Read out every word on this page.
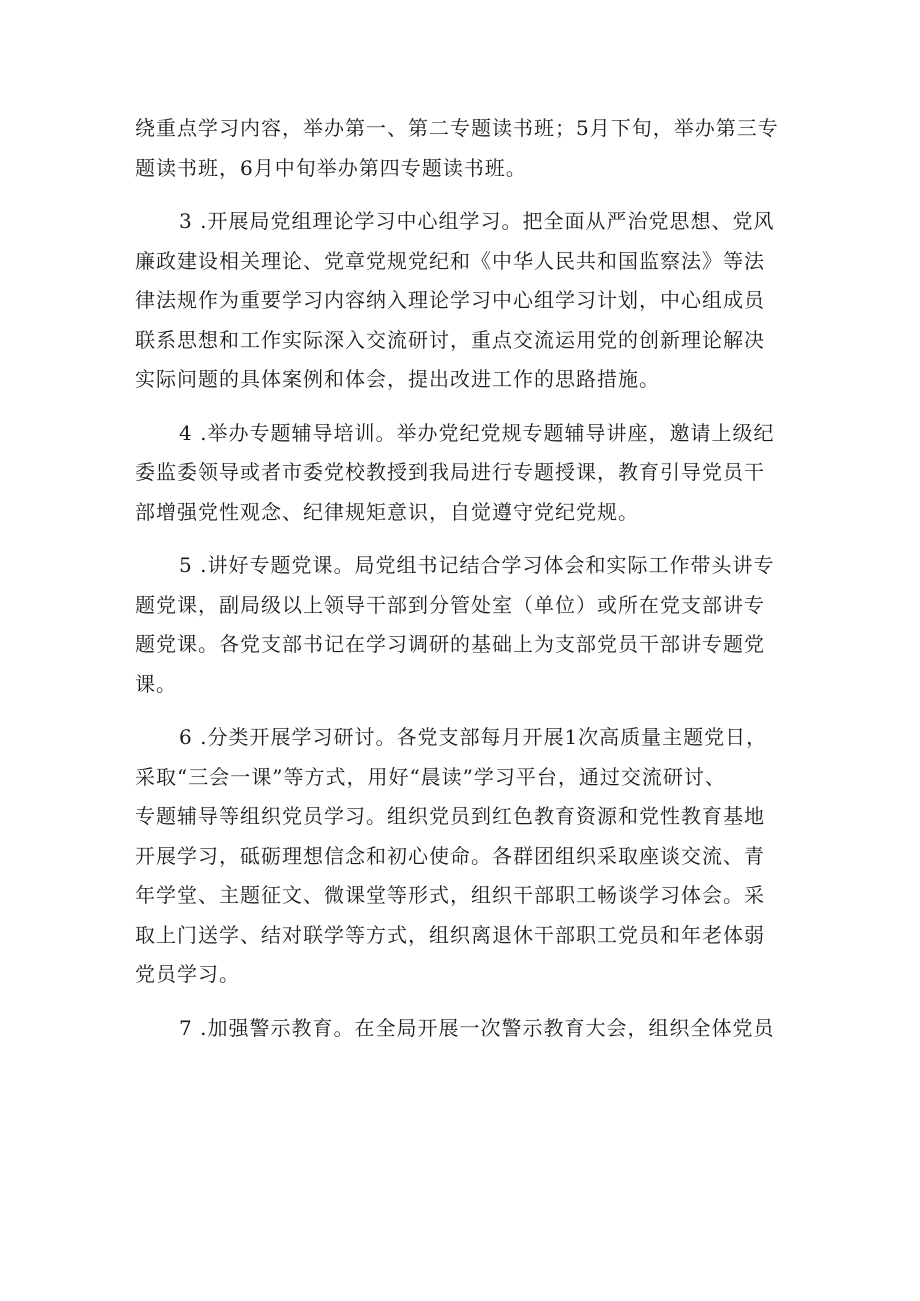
绕重点学习内容，举办第一、第二专题读书班；5月下旬，举办第三专
题读书班，6月中旬举办第四专题读书班。
3 .开展局党组理论学习中心组学习。把全面从严治党思想、党风
廉政建设相关理论、党章党规党纪和《中华人民共和国监察法》等法
律法规作为重要学习内容纳入理论学习中心组学习计划，中心组成员
联系思想和工作实际深入交流研讨，重点交流运用党的创新理论解决
实际问题的具体案例和体会，提出改进工作的思路措施。
4 .举办专题辅导培训。举办党纪党规专题辅导讲座，邀请上级纪
委监委领导或者市委党校教授到我局进行专题授课，教育引导党员干
部增强党性观念、纪律规矩意识，自觉遵守党纪党规。
5 .讲好专题党课。局党组书记结合学习体会和实际工作带头讲专
题党课，副局级以上领导干部到分管处室（单位）或所在党支部讲专
题党课。各党支部书记在学习调研的基础上为支部党员干部讲专题党
课。
6 .分类开展学习研讨。各党支部每月开展1次高质量主题党日，
采取“三会一课”等方式，用好“晨读”学习平台，通过交流研讨、
专题辅导等组织党员学习。组织党员到红色教育资源和党性教育基地
开展学习，砥砺理想信念和初心使命。各群团组织采取座谈交流、青
年学堂、主题征文、微课堂等形式，组织干部职工畅谈学习体会。采
取上门送学、结对联学等方式，组织离退休干部职工党员和年老体弱
党员学习。
7 .加强警示教育。在全局开展一次警示教育大会，组织全体党员
